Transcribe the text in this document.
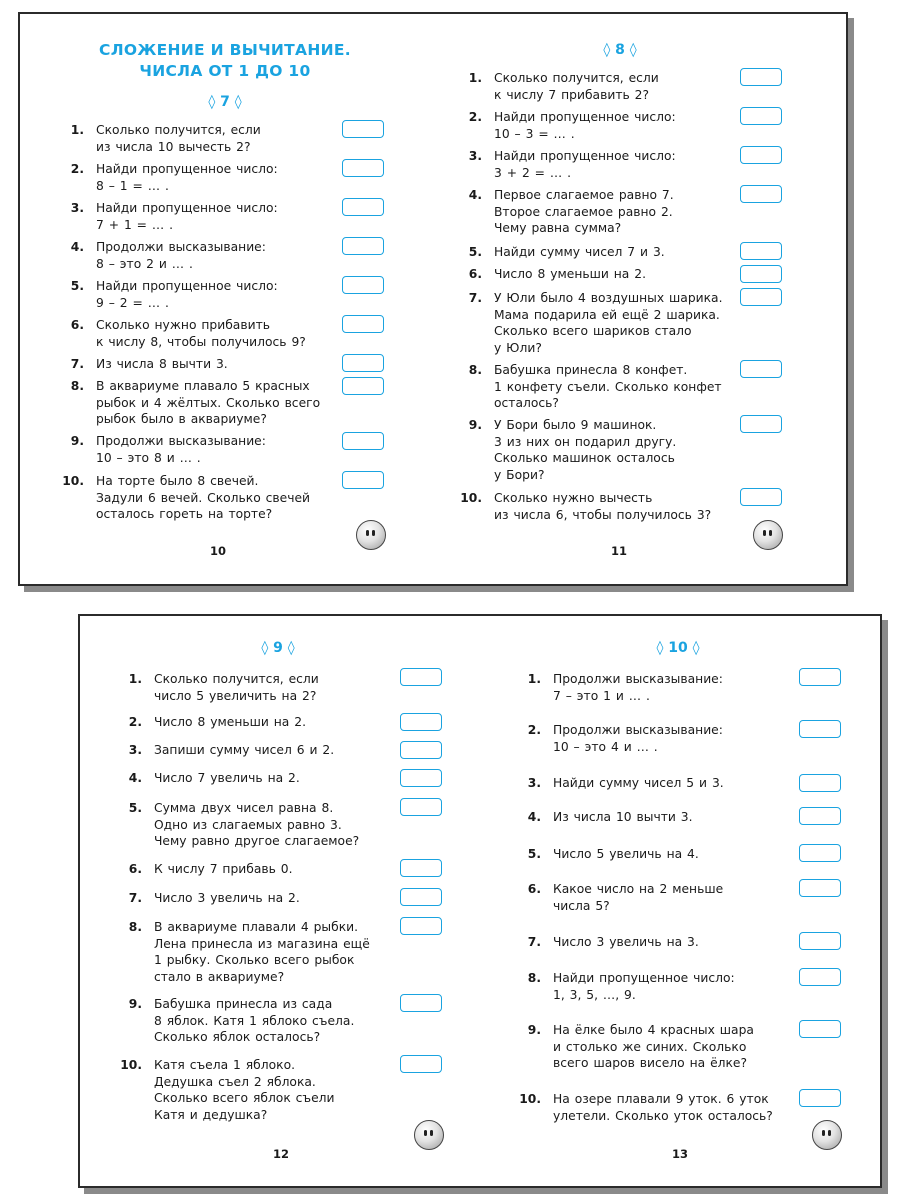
СЛОЖЕНИЕ И ВЫЧИТАНИЕ.
ЧИСЛА ОТ 1 ДО 10
◊ 7 ◊
◊ 8 ◊
1. Сколько получится, если
из числа 10 вычесть 2?
2. Найди пропущенное число:
8 – 1 = … .
3. Найди пропущенное число:
7 + 1 = … .
4. Продолжи высказывание:
8 – это 2 и … .
5. Найди пропущенное число:
9 – 2 = … .
6. Сколько нужно прибавить
к числу 8, чтобы получилось 9?
7. Из числа 8 вычти 3.
8. В аквариуме плавало 5 красных
рыбок и 4 жёлтых. Сколько всего
рыбок было в аквариуме?
9. Продолжи высказывание:
10 – это 8 и … .
10. На торте было 8 свечей.
Задули 6 вечей. Сколько свечей
осталось гореть на торте?
1. Сколько получится, если
к числу 7 прибавить 2?
2. Найди пропущенное число:
10 – 3 = … .
3. Найди пропущенное число:
3 + 2 = … .
4. Первое слагаемое равно 7.
Второе слагаемое равно 2.
Чему равна сумма?
5. Найди сумму чисел 7 и 3.
6. Число 8 уменьши на 2.
7. У Юли было 4 воздушных шарика.
Мама подарила ей ещё 2 шарика.
Сколько всего шариков стало
у Юли?
8. Бабушка принесла 8 конфет.
1 конфету съели. Сколько конфет
осталось?
9. У Бори было 9 машинок.
3 из них он подарил другу.
Сколько машинок осталось
у Бори?
10. Сколько нужно вычесть
из числа 6, чтобы получилось 3?
10	11
◊ 9 ◊	◊ 10 ◊
1. Сколько получится, если
число 5 увеличить на 2?
2. Число 8 уменьши на 2.
3. Запиши сумму чисел 6 и 2.
4. Число 7 увеличь на 2.
5. Сумма двух чисел равна 8.
Одно из слагаемых равно 3.
Чему равно другое слагаемое?
6. К числу 7 прибавь 0.
7. Число 3 увеличь на 2.
8. В аквариуме плавали 4 рыбки.
Лена принесла из магазина ещё
1 рыбку. Сколько всего рыбок
стало в аквариуме?
9. Бабушка принесла из сада
8 яблок. Катя 1 яблоко съела.
Сколько яблок осталось?
10. Катя съела 1 яблоко.
Дедушка съел 2 яблока.
Сколько всего яблок съели
Катя и дедушка?
1. Продолжи высказывание:
7 – это 1 и … .
2. Продолжи высказывание:
10 – это 4 и … .
3. Найди сумму чисел 5 и 3.
4. Из числа 10 вычти 3.
5. Число 5 увеличь на 4.
6. Какое число на 2 меньше
числа 5?
7. Число 3 увеличь на 3.
8. Найди пропущенное число:
1, 3, 5, …, 9.
9. На ёлке было 4 красных шара
и столько же синих. Сколько
всего шаров висело на ёлке?
10. На озере плавали 9 уток. 6 уток
улетели. Сколько уток осталось?
12	13
